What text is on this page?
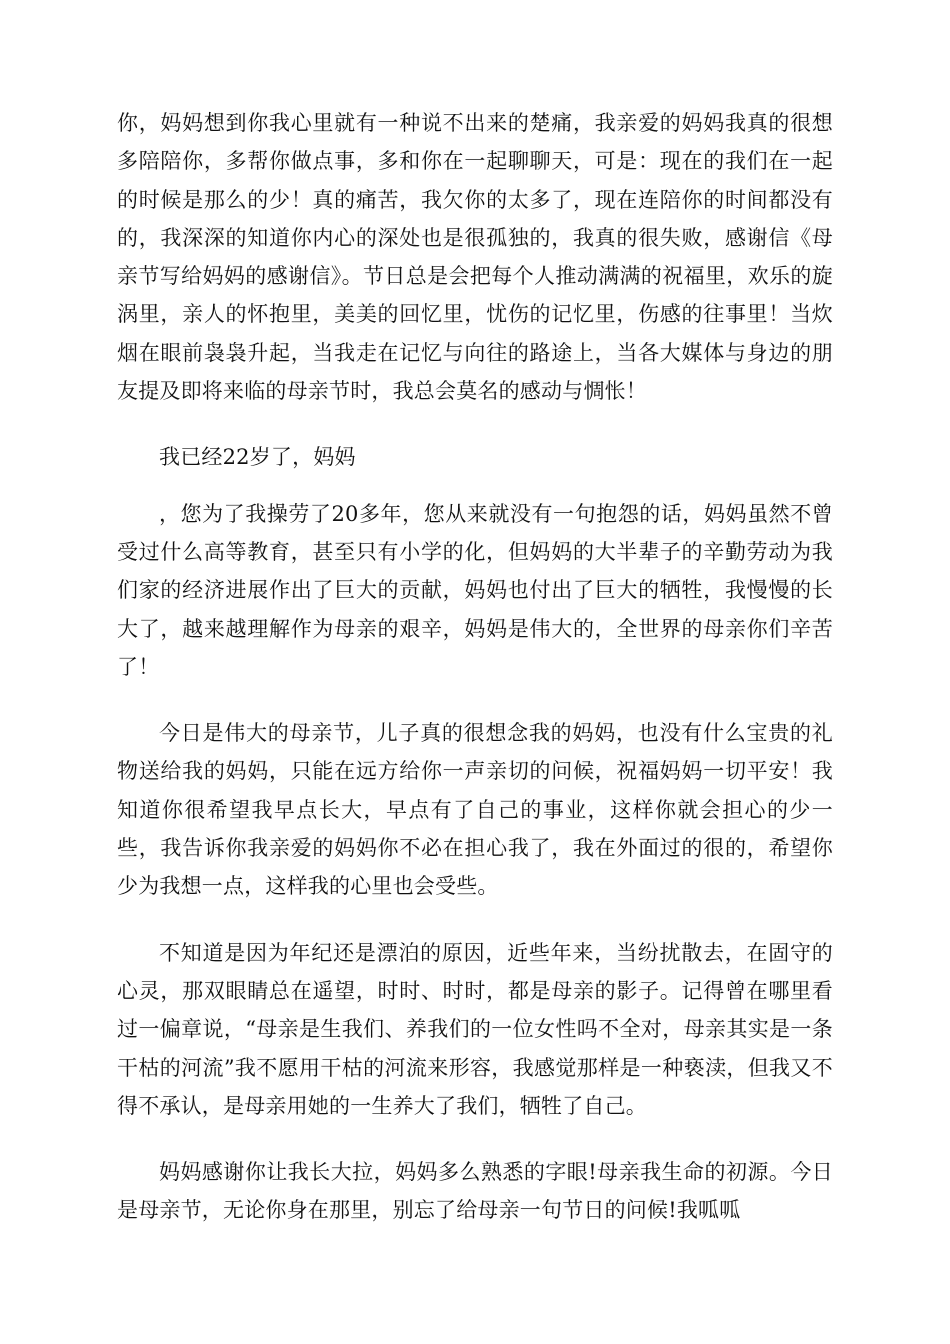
你，妈妈想到你我心里就有一种说不出来的楚痛，我亲爱的妈妈我真的很想多陪陪你，多帮你做点事，多和你在一起聊聊天，可是：现在的我们在一起的时候是那么的少！真的痛苦，我欠你的太多了，现在连陪你的时间都没有的，我深深的知道你内心的深处也是很孤独的，我真的很失败，感谢信《母亲节写给妈妈的感谢信》。节日总是会把每个人推动满满的祝福里，欢乐的旋涡里，亲人的怀抱里，美美的回忆里，忧伤的记忆里，伤感的往事里！当炊烟在眼前袅袅升起，当我走在记忆与向往的路途上，当各大媒体与身边的朋友提及即将来临的母亲节时，我总会莫名的感动与惆怅！

我已经22岁了，妈妈

，您为了我操劳了20多年，您从来就没有一句抱怨的话，妈妈虽然不曾受过什么高等教育，甚至只有小学的化，但妈妈的大半辈子的辛勤劳动为我们家的经济进展作出了巨大的贡献，妈妈也付出了巨大的牺牲，我慢慢的长大了，越来越理解作为母亲的艰辛，妈妈是伟大的，全世界的母亲你们辛苦了！

今日是伟大的母亲节，儿子真的很想念我的妈妈，也没有什么宝贵的礼物送给我的妈妈，只能在远方给你一声亲切的问候，祝福妈妈一切平安！我知道你很希望我早点长大，早点有了自己的事业，这样你就会担心的少一些，我告诉你我亲爱的妈妈你不必在担心我了，我在外面过的很的，希望你少为我想一点，这样我的心里也会受些。

不知道是因为年纪还是漂泊的原因，近些年来，当纷扰散去，在固守的心灵，那双眼睛总在遥望，时时、时时，都是母亲的影子。记得曾在哪里看过一偏章说，“母亲是生我们、养我们的一位女性吗不全对，母亲其实是一条干枯的河流”我不愿用干枯的河流来形容，我感觉那样是一种亵渎，但我又不得不承认，是母亲用她的一生养大了我们，牺牲了自己。

妈妈感谢你让我长大拉，妈妈多么熟悉的字眼!母亲我生命的初源。今日是母亲节，无论你身在那里，别忘了给母亲一句节日的问候!我呱呱
